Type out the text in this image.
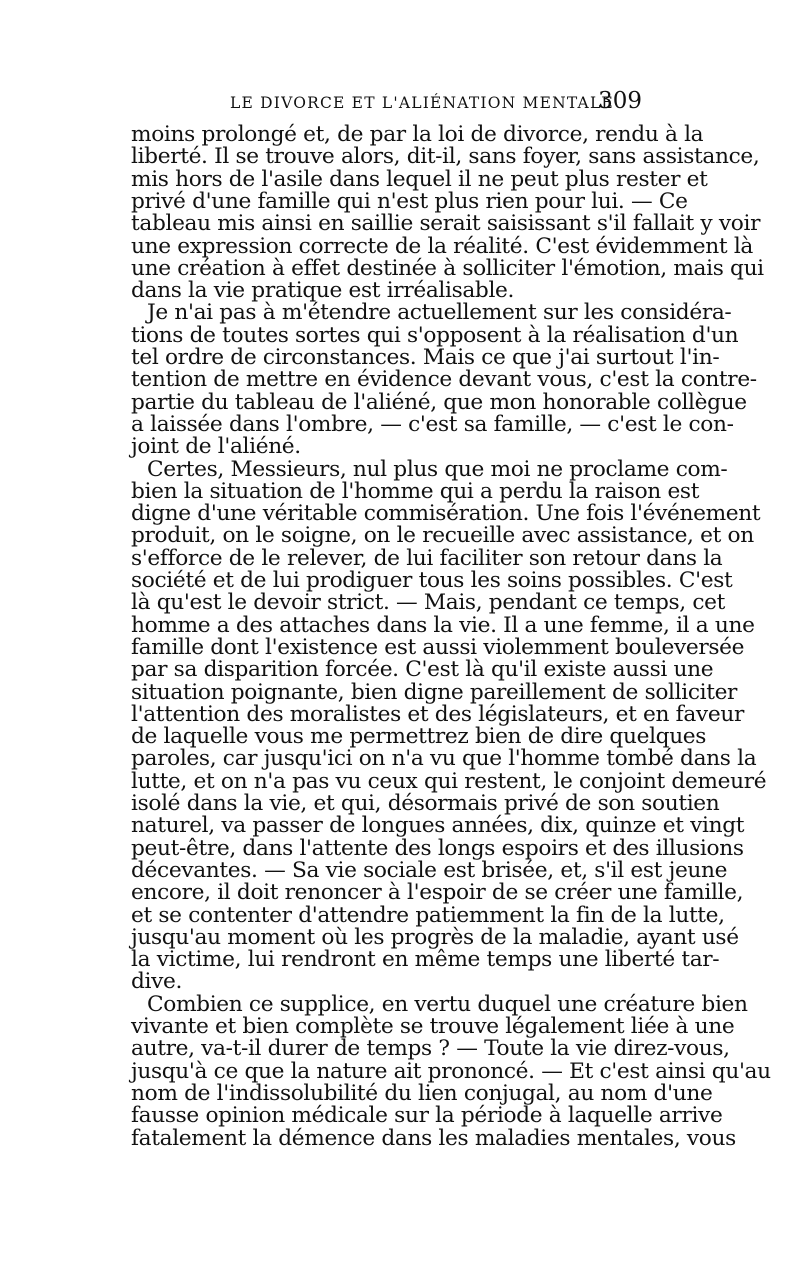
LE DIVORCE ET L'ALIÉNATION MENTALE
309
moins prolongé et, de par la loi de divorce, rendu à la
liberté. Il se trouve alors, dit-il, sans foyer, sans assistance,
mis hors de l'asile dans lequel il ne peut plus rester et
privé d'une famille qui n'est plus rien pour lui. — Ce
tableau mis ainsi en saillie serait saisissant s'il fallait y voir
une expression correcte de la réalité. C'est évidemment là
une création à effet destinée à solliciter l'émotion, mais qui
dans la vie pratique est irréalisable.
Je n'ai pas à m'étendre actuellement sur les considéra-
tions de toutes sortes qui s'opposent à la réalisation d'un
tel ordre de circonstances. Mais ce que j'ai surtout l'in-
tention de mettre en évidence devant vous, c'est la contre-
partie du tableau de l'aliéné, que mon honorable collègue
a laissée dans l'ombre, — c'est sa famille, — c'est le con-
joint de l'aliéné.
Certes, Messieurs, nul plus que moi ne proclame com-
bien la situation de l'homme qui a perdu la raison est
digne d'une véritable commisération. Une fois l'événement
produit, on le soigne, on le recueille avec assistance, et on
s'efforce de le relever, de lui faciliter son retour dans la
société et de lui prodiguer tous les soins possibles. C'est
là qu'est le devoir strict. — Mais, pendant ce temps, cet
homme a des attaches dans la vie. Il a une femme, il a une
famille dont l'existence est aussi violemment bouleversée
par sa disparition forcée. C'est là qu'il existe aussi une
situation poignante, bien digne pareillement de solliciter
l'attention des moralistes et des législateurs, et en faveur
de laquelle vous me permettrez bien de dire quelques
paroles, car jusqu'ici on n'a vu que l'homme tombé dans la
lutte, et on n'a pas vu ceux qui restent, le conjoint demeuré
isolé dans la vie, et qui, désormais privé de son soutien
naturel, va passer de longues années, dix, quinze et vingt
peut-être, dans l'attente des longs espoirs et des illusions
décevantes. — Sa vie sociale est brisée, et, s'il est jeune
encore, il doit renoncer à l'espoir de se créer une famille,
et se contenter d'attendre patiemment la fin de la lutte,
jusqu'au moment où les progrès de la maladie, ayant usé
la victime, lui rendront en même temps une liberté tar-
dive.
Combien ce supplice, en vertu duquel une créature bien
vivante et bien complète se trouve légalement liée à une
autre, va-t-il durer de temps ? — Toute la vie direz-vous,
jusqu'à ce que la nature ait prononcé. — Et c'est ainsi qu'au
nom de l'indissolubilité du lien conjugal, au nom d'une
fausse opinion médicale sur la période à laquelle arrive
fatalement la démence dans les maladies mentales, vous
